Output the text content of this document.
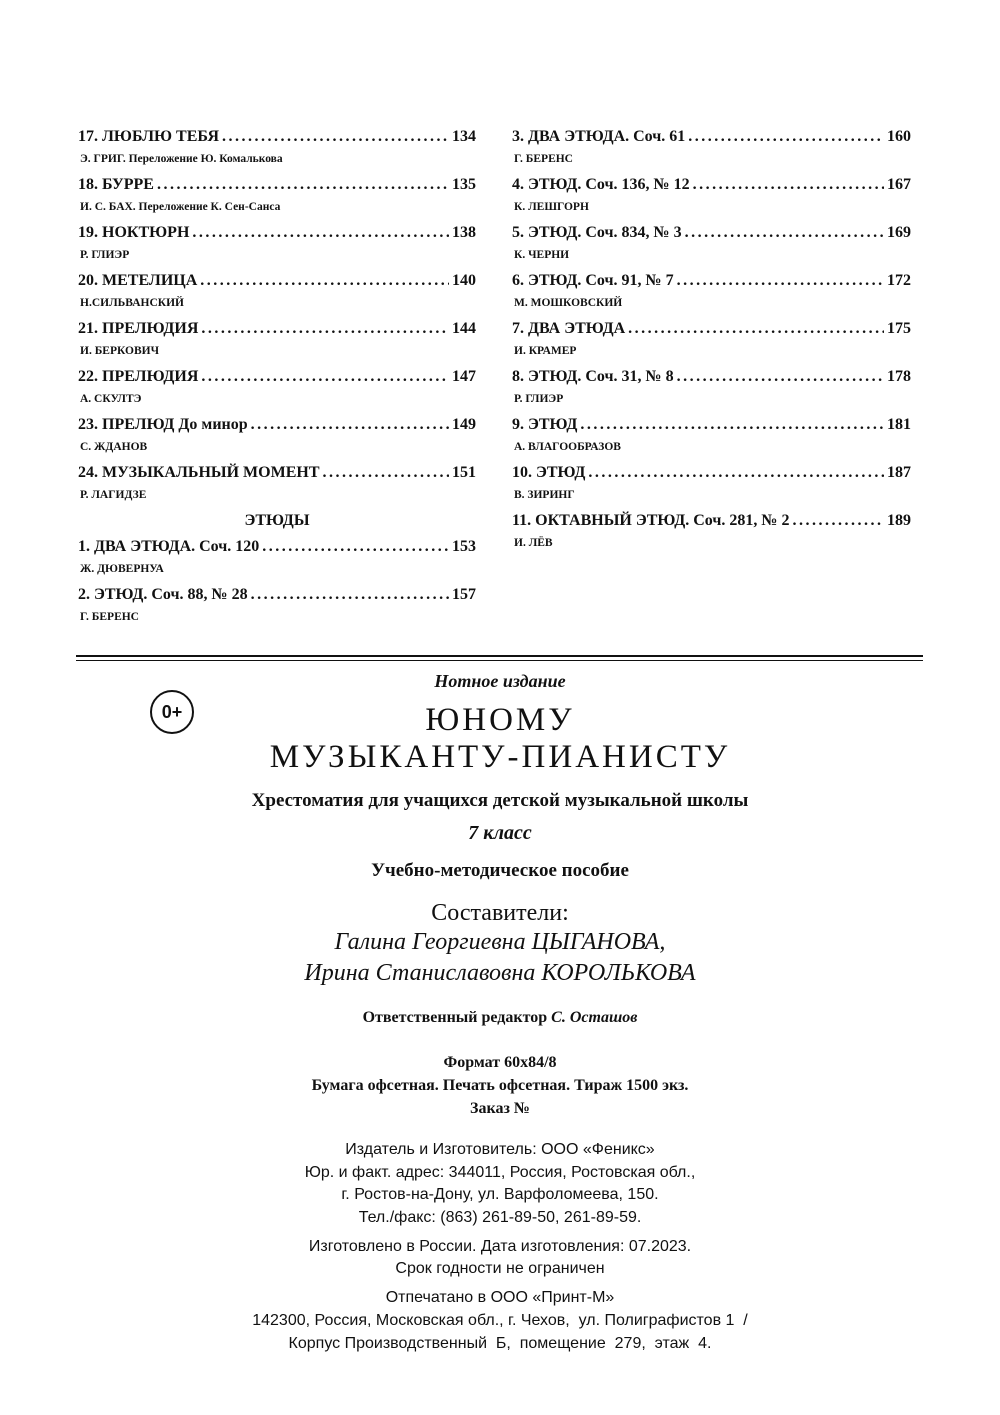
17. ЛЮБЛЮ ТЕБЯ .....	134
Э. ГРИГ. Переложение Ю. Комалькова
18. БУРРЕ .....	135
И. С. БАХ. Переложение К. Сен-Санса
19. НОКТЮРН .....	138
Р. ГЛИЭР
20. МЕТЕЛИЦА .....	140
Н.СИЛЬВАНСКИЙ
21. ПРЕЛЮДИЯ .....	144
И. БЕРКОВИЧ
22. ПРЕЛЮДИЯ .....	147
А. СКУЛТЭ
23. ПРЕЛЮД До минор .....	149
С. ЖДАНОВ
24. МУЗЫКАЛЬНЫЙ МОМЕНТ .....	151
Р. ЛАГИДЗЕ
ЭТЮДЫ
1. ДВА ЭТЮДА. Соч. 120 .....	153
Ж. ДЮВЕРНУА
2. ЭТЮД. Соч. 88, № 28 .....	157
Г. БЕРЕНС
3. ДВА ЭТЮДА. Соч. 61 .....	160
Г. БЕРЕНС
4. ЭТЮД. Соч. 136, № 12 .....	167
К. ЛЕШГОРН
5. ЭТЮД. Соч. 834, № 3 .....	169
К. ЧЕРНИ
6. ЭТЮД. Соч. 91, № 7 .....	172
М. МОШКОВСКИЙ
7. ДВА ЭТЮДА .....	175
И. КРАМЕР
8. ЭТЮД. Соч. 31, № 8 .....	178
Р. ГЛИЭР
9. ЭТЮД .....	181
А. ВЛАГООБРАЗОВ
10. ЭТЮД .....	187
В. ЗИРИНГ
11. ОКТАВНЫЙ ЭТЮД. Соч. 281, № 2 .....	189
И. ЛЁВ
Нотное издание
0+	ЮНОМУ
МУЗЫКАНТУ-ПИАНИСТУ
Хрестоматия для учащихся детской музыкальной школы
7 класс
Учебно-методическое пособие
Составители:
Галина Георгиевна ЦЫГАНОВА,
Ирина Станиславовна КОРОЛЬКОВА
Ответственный редактор С. Осташов
Формат 60x84/8
Бумага офсетная. Печать офсетная. Тираж 1500 экз.
Заказ №
Издатель и Изготовитель: ООО «Феникс»
Юр. и факт. адрес: 344011, Россия, Ростовская обл.,
г. Ростов-на-Дону, ул. Варфоломеева, 150.
Тел./факс: (863) 261-89-50, 261-89-59.
Изготовлено в России. Дата изготовления: 07.2023.
Срок годности не ограничен
Отпечатано в ООО «Принт-М»
142300, Россия, Московская обл., г. Чехов,  ул. Полиграфистов 1  /
Корпус Производственный  Б,  помещение  279,  этаж  4.
